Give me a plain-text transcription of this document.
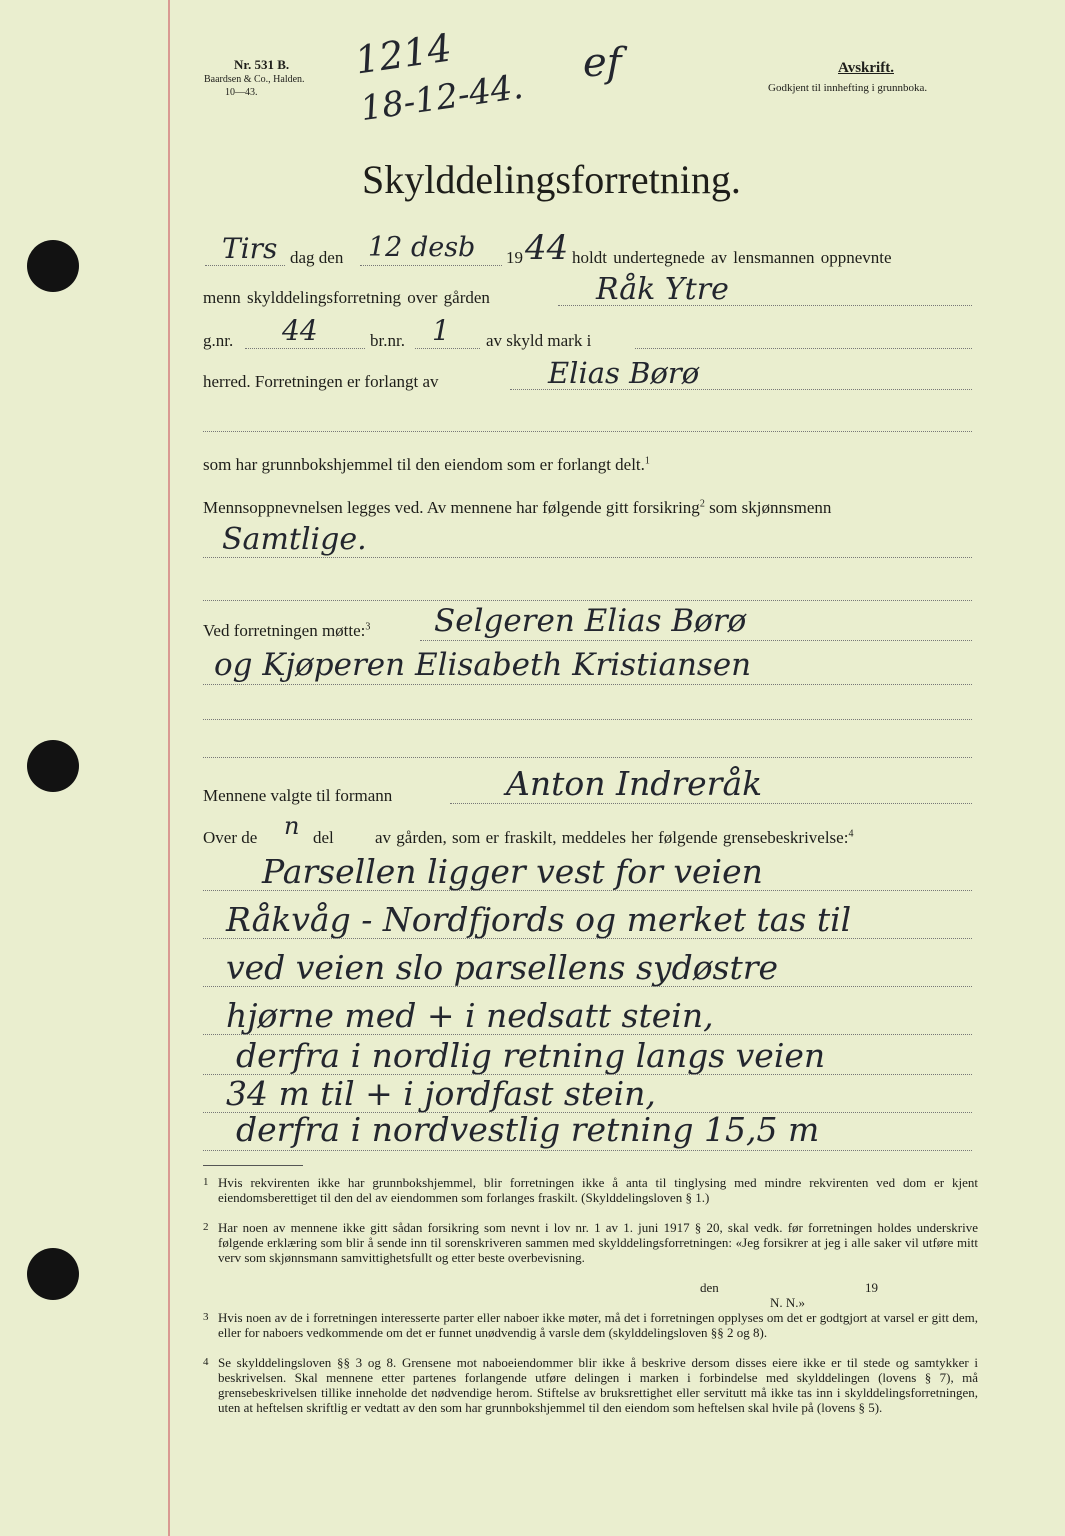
Nr. 531 B.
Baardsen & Co., Halden.
10—43.
1214
18-12-44.
ef	Avskrift.
Godkjent til innhefting i grunnboka.
Skylddelingsforretning.
Tirs dag den 12 desb 19 44 holdt undertegnede av lensmannen oppnevnte
menn skylddelingsforretning over gården	Råk Ytre
g.nr. 44	br.nr. 1 av skyld mark i
herred. Forretningen er forlangt av	Elias Børø
som har grunnbokshjemmel til den eiendom som er forlangt delt.$^1$
Mennsoppnevnelsen legges ved. Av mennene har følgende gitt forsikring$^2$ som skjønnsmenn
Samtlige.
Ved forretningen møtte:$^3$ Selgeren Elias Børø
og Kjøperen Elisabeth Kristiansen
Mennene valgte til formann	Anton Indreråk
Over de n del av gården, som er fraskilt, meddeles her følgende grensebeskrivelse:$^4$
Parsellen ligger vest for veien
Råkvåg - Nordfjords og merket tas til
ved veien slo parsellens sydøstre
hjørne med + i nedsatt stein,
derfra i nordlig retning langs veien
34 m til + i jordfast stein,
derfra i nordvestlig retning 15,5 m
1 Hvis rekvirenten ikke har grunnbokshjemmel, blir forretningen ikke å anta til tinglysing med mindre rekvirenten ved dom er kjent eiendomsberettiget til den del av eiendommen som forlanges fraskilt. (Skylddelingsloven § 1.)
2 Har noen av mennene ikke gitt sådan forsikring som nevnt i lov nr. 1 av 1. juni 1917 § 20, skal vedk. før forretningen holdes underskrive følgende erklæring som blir å sende inn til sorenskriveren sammen med skylddelingsforretningen: «Jeg forsikrer at jeg i alle saker vil utføre mitt verv som skjønnsmann samvittighetsfullt og etter beste overbevisning.
den	19
N. N.»
3 Hvis noen av de i forretningen interesserte parter eller naboer ikke møter, må det i forretningen opplyses om det er godtgjort at varsel er gitt dem, eller for naboers vedkommende om det er funnet unødvendig å varsle dem (skylddelingsloven §§ 2 og 8).
4 Se skylddelingsloven §§ 3 og 8. Grensene mot naboeiendommer blir ikke å beskrive dersom disses eiere ikke er til stede og samtykker i beskrivelsen. Skal mennene etter partenes forlangende utføre delingen i marken i forbindelse med skylddelingen (lovens § 7), må grensebeskrivelsen tillike inneholde det nødvendige herom. Stiftelse av bruksrettighet eller servitutt må ikke tas inn i skylddelingsforretningen, uten at heftelsen skriftlig er vedtatt av den som har grunnbokshjemmel til den eiendom som heftelsen skal hvile på (lovens § 5).
